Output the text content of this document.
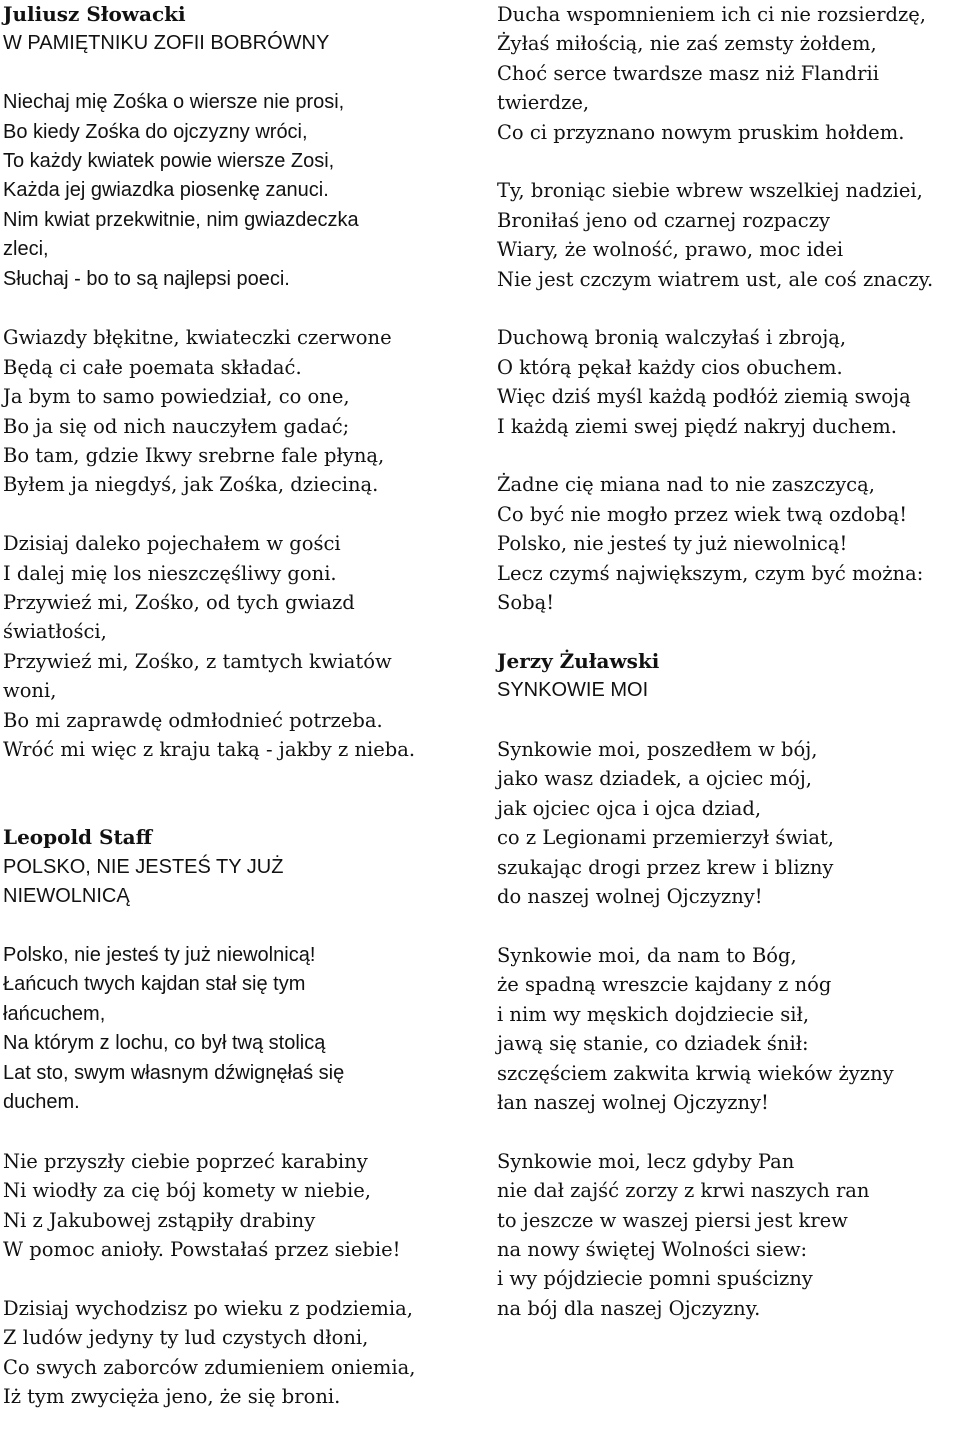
Juliusz Słowacki

W PAMIĘTNIKU ZOFII BOBRÓWNY

Niechaj mię Zośka o wiersze nie prosi,
Bo kiedy Zośka do ojczyzny wróci,
To każdy kwiatek powie wiersze Zosi,
Każda jej gwiazdka piosenkę zanuci.
Nim kwiat przekwitnie, nim gwiazdeczka
zleci,
Słuchaj - bo to są najlepsi poeci.
Gwiazdy błękitne, kwiateczki czerwone
Będą ci całe poemata składać.
Ja bym to samo powiedział, co one,
Bo ja się od nich nauczyłem gadać;
Bo tam, gdzie Ikwy srebrne fale płyną,
Byłem ja niegdyś, jak Zośka, dzieciną.
Dzisiaj daleko pojechałem w gości
I dalej mię los nieszczęśliwy goni.
Przywieź mi, Zośko, od tych gwiazd
światłości,
Przywieź mi, Zośko, z tamtych kwiatów
woni,
Bo mi zaprawdę odmłodnieć potrzeba.
Wróć mi więc z kraju taką - jakby z nieba.

Leopold Staff

POLSKO, NIE JESTEŚ TY JUŻ

NIEWOLNICĄ

Polsko, nie jesteś ty już niewolnicą!
Łańcuch twych kajdan stał się tym
łańcuchem,
Na którym z lochu, co był twą stolicą
Lat sto, swym własnym dźwignęłaś się
duchem.
Nie przyszły ciebie poprzeć karabiny
Ni wiodły za cię bój komety w niebie,
Ni z Jakubowej zstąpiły drabiny
W pomoc anioły. Powstałaś przez siebie!
Dzisiaj wychodzisz po wieku z podziemia,
Z ludów jedyny ty lud czystych dłoni,
Co swych zaborców zdumieniem oniemia,
Iż tym zwycięża jeno, że się broni.
Ducha wspomnieniem ich ci nie rozsierdzę,
Żyłaś miłością, nie zaś zemsty żołdem,
Choć serce twardsze masz niż Flandrii
twierdze,
Co ci przyznano nowym pruskim hołdem.
Ty, broniąc siebie wbrew wszelkiej nadziei,
Broniłaś jeno od czarnej rozpaczy
Wiary, że wolność, prawo, moc idei
Nie jest czczym wiatrem ust, ale coś znaczy.
Duchową bronią walczyłaś i zbroją,
O którą pękał każdy cios obuchem.
Więc dziś myśl każdą podłóż ziemią swoją
I każdą ziemi swej piędź nakryj duchem.
Żadne cię miana nad to nie zaszczycą,
Co być nie mogło przez wiek twą ozdobą!
Polsko, nie jesteś ty już niewolnicą!
Lecz czymś największym, czym być można:
Sobą!

Jerzy Żuławski

SYNKOWIE MOI

Synkowie moi, poszedłem w bój,
jako wasz dziadek, a ojciec mój,
jak ojciec ojca i ojca dziad,
co z Legionami przemierzył świat,
szukając drogi przez krew i blizny
do naszej wolnej Ojczyzny!
Synkowie moi, da nam to Bóg,
że spadną wreszcie kajdany z nóg
i nim wy męskich dojdziecie sił,
jawą się stanie, co dziadek śnił:
szczęściem zakwita krwią wieków żyzny
łan naszej wolnej Ojczyzny!
Synkowie moi, lecz gdyby Pan
nie dał zajść zorzy z krwi naszych ran
to jeszcze w waszej piersi jest krew
na nowy świętej Wolności siew:
i wy pójdziecie pomni spuścizny
na bój dla naszej Ojczyzny.
